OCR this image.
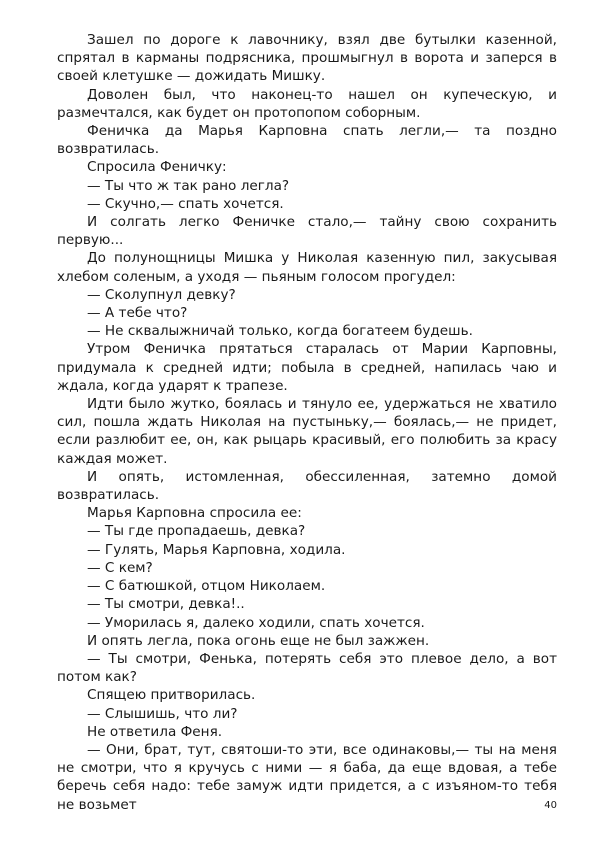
Зашел по дороге к лавочнику, взял две бутылки казенной, спрятал в карманы подрясника, прошмыгнул в ворота и заперся в своей клетушке — дожидать Мишку.

Доволен был, что наконец-то нашел он купеческую, и размечтался, как будет он протопопом соборным.

Феничка да Марья Карповна спать легли,— та поздно возвратилась.

Спросила Феничку:

— Ты что ж так рано легла?

— Скучно,— спать хочется.

И солгать легко Феничке стало,— тайну свою сохранить первую...

До полунощницы Мишка у Николая казенную пил, закусывая хлебом соленым, а уходя — пьяным голосом прогудел:

— Сколупнул девку?

— А тебе что?

— Не сквалыжничай только, когда богатеем будешь.

Утром Феничка прятаться старалась от Марии Карповны, придумала к средней идти; побыла в средней, напилась чаю и ждала, когда ударят к трапезе.

Идти было жутко, боялась и тянуло ее, удержаться не хватило сил, пошла ждать Николая на пустыньку,— боялась,— не придет, если разлюбит ее, он, как рыцарь красивый, его полюбить за красу каждая может.

И опять, истомленная, обессиленная, затемно домой возвратилась.

Марья Карповна спросила ее:

— Ты где пропадаешь, девка?

— Гулять, Марья Карповна, ходила.

— С кем?

— С батюшкой, отцом Николаем.

— Ты смотри, девка!..

— Уморилась я, далеко ходили, спать хочется.

И опять легла, пока огонь еще не был зажжен.

— Ты смотри, Фенька, потерять себя это плевое дело, а вот потом как?

Спящею притворилась.

— Слышишь, что ли?

Не ответила Феня.

— Они, брат, тут, святоши-то эти, все одинаковы,— ты на меня не смотри, что я кручусь с ними — я баба, да еще вдовая, а тебе беречь себя надо: тебе замуж идти придется, а с изъяном-то тебя не возьмет	40
